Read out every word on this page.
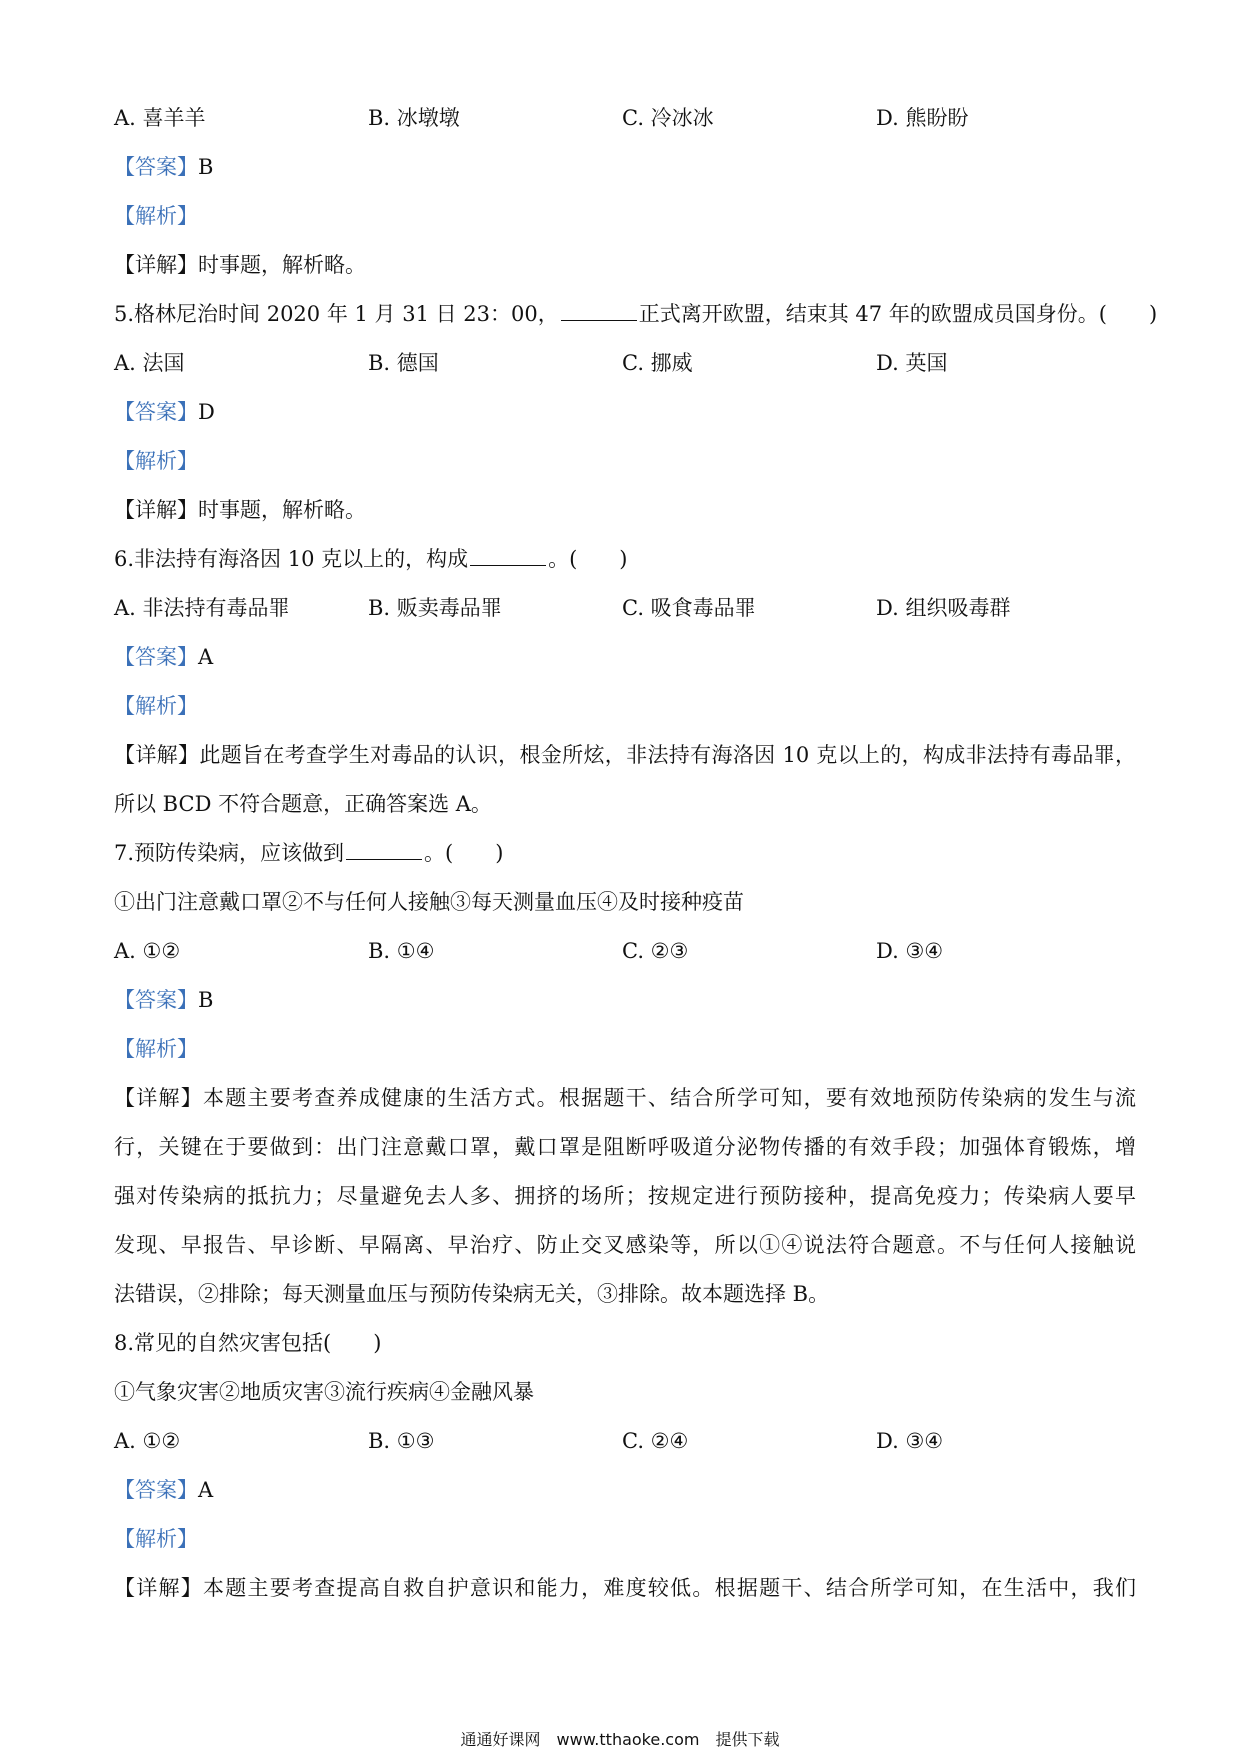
A. 喜羊羊	B. 冰墩墩	C. 冷冰冰	D. 熊盼盼
【答案】B
【解析】
【详解】时事题，解析略。
5.格林尼治时间 2020 年 1 月 31 日 23：00，	正式离开欧盟，结束其 47 年的欧盟成员国身份。(　　)
A. 法国	B. 德国	C. 挪威	D. 英国
【答案】D
【解析】
【详解】时事题，解析略。
6.非法持有海洛因 10 克以上的，构成	。(　　)
A. 非法持有毒品罪	B. 贩卖毒品罪	C. 吸食毒品罪	D. 组织吸毒群
【答案】A
【解析】
【详解】此题旨在考查学生对毒品的认识，根金所炫，非法持有海洛因 10 克以上的，构成非法持有毒品罪，
所以 BCD 不符合题意，正确答案选 A。
7.预防传染病，应该做到	。(　　)
①出门注意戴口罩②不与任何人接触③每天测量血压④及时接种疫苗
A. ①②	B. ①④	C. ②③	D. ③④
【答案】B
【解析】
【详解】本题主要考查养成健康的生活方式。根据题干、结合所学可知，要有效地预防传染病的发生与流
行，关键在于要做到：出门注意戴口罩，戴口罩是阻断呼吸道分泌物传播的有效手段；加强体育锻炼，增
强对传染病的抵抗力；尽量避免去人多、拥挤的场所；按规定进行预防接种，提高免疫力；传染病人要早
发现、早报告、早诊断、早隔离、早治疗、防止交叉感染等，所以①④说法符合题意。不与任何人接触说
法错误，②排除；每天测量血压与预防传染病无关，③排除。故本题选择 B。
8.常见的自然灾害包括(　　)
①气象灾害②地质灾害③流行疾病④金融风暴
A. ①②	B. ①③	C. ②④	D. ③④
【答案】A
【解析】
【详解】本题主要考查提高自救自护意识和能力，难度较低。根据题干、结合所学可知，在生活中，我们
通通好课网　www.tthaoke.com　提供下载
